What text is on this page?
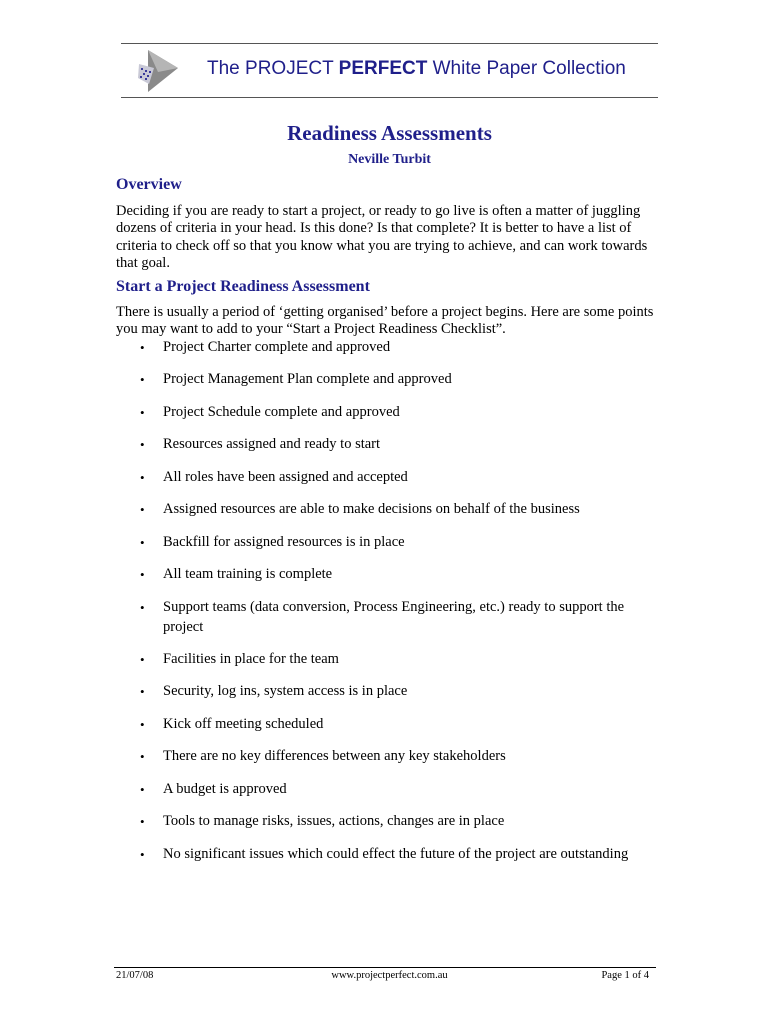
The PROJECT PERFECT White Paper Collection
Readiness Assessments
Neville Turbit
Overview
Deciding if you are ready to start a project, or ready to go live is often a matter of juggling dozens of criteria in your head. Is this done? Is that complete? It is better to have a list of criteria to check off so that you know what you are trying to achieve, and can work towards that goal.
Start a Project Readiness Assessment
There is usually a period of ‘getting organised’ before a project begins. Here are some points you may want to add to your “Start a Project Readiness Checklist”.
•	Project Charter complete and approved
•	Project Management Plan complete and approved
•	Project Schedule complete and approved
•	Resources assigned and ready to start
•	All roles have been assigned and accepted
•	Assigned resources are able to make decisions on behalf of the business
•	Backfill for assigned resources is in place
•	All team training is complete
•	Support teams (data conversion, Process Engineering, etc.) ready to support the project
•	Facilities in place for the team
•	Security, log ins, system access is in place
•	Kick off meeting scheduled
•	There are no key differences between any key stakeholders
•	A budget is approved
•	Tools to manage risks, issues, actions, changes are in place
•	No significant issues which could effect the future of the project are outstanding
21/07/08	www.projectperfect.com.au	Page 1 of 4
